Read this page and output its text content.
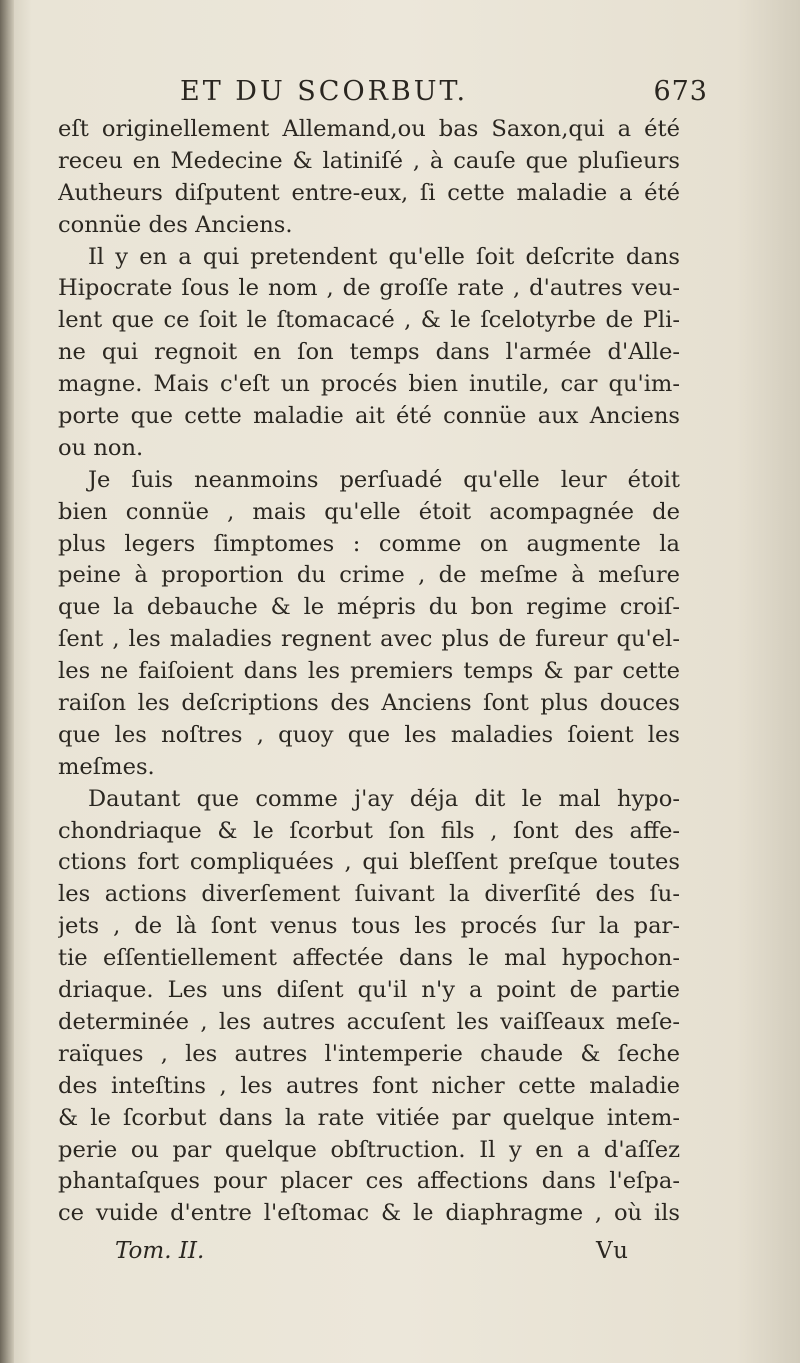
ET DU SCORBUT.	673
eſt originellement Allemand,ou bas Saxon,qui a été
receu en Medecine & latiniſé , à cauſe que pluſieurs
Autheurs diſputent entre-eux, ſi cette maladie a été
connüe des Anciens.
Il y en a qui pretendent qu'elle ſoit deſcrite dans
Hipocrate ſous le nom , de groſſe rate , d'autres veu-
lent que ce ſoit le ſtomacacé , & le ſcelotyrbe de Pli-
ne qui regnoit en ſon temps dans l'armée d'Alle-
magne. Mais c'eſt un procés bien inutile, car qu'im-
porte que cette maladie ait été connüe aux Anciens
ou non.
Je ſuis neanmoins perſuadé qu'elle leur étoit
bien connüe , mais qu'elle étoit acompagnée de
plus legers ſimptomes : comme on augmente la
peine à proportion du crime , de meſme à meſure
que la debauche & le mépris du bon regime croiſ-
ſent , les maladies regnent avec plus de fureur qu'el-
les ne faiſoient dans les premiers temps & par cette
raiſon les deſcriptions des Anciens ſont plus douces
que les noſtres , quoy que les maladies ſoient les
meſmes.
Dautant que comme j'ay déja dit le mal hypo-
chondriaque & le ſcorbut ſon fils , ſont des affe-
ctions fort compliquées , qui bleſſent preſque toutes
les actions diverſement ſuivant la diverſité des ſu-
jets , de là ſont venus tous les procés ſur la par-
tie eſſentiellement affectée dans le mal hypochon-
driaque. Les uns diſent qu'il n'y a point de partie
determinée , les autres accuſent les vaiſſeaux meſe-
raïques , les autres l'intemperie chaude & ſeche
des inteſtins , les autres font nicher cette maladie
& le ſcorbut dans la rate vitiée par quelque intem-
perie ou par quelque obſtruction. Il y en a d'aſſez
phantaſques pour placer ces affections dans l'eſpa-
ce vuide d'entre l'eſtomac & le diaphragme , où ils
Tom. II.	Vu
